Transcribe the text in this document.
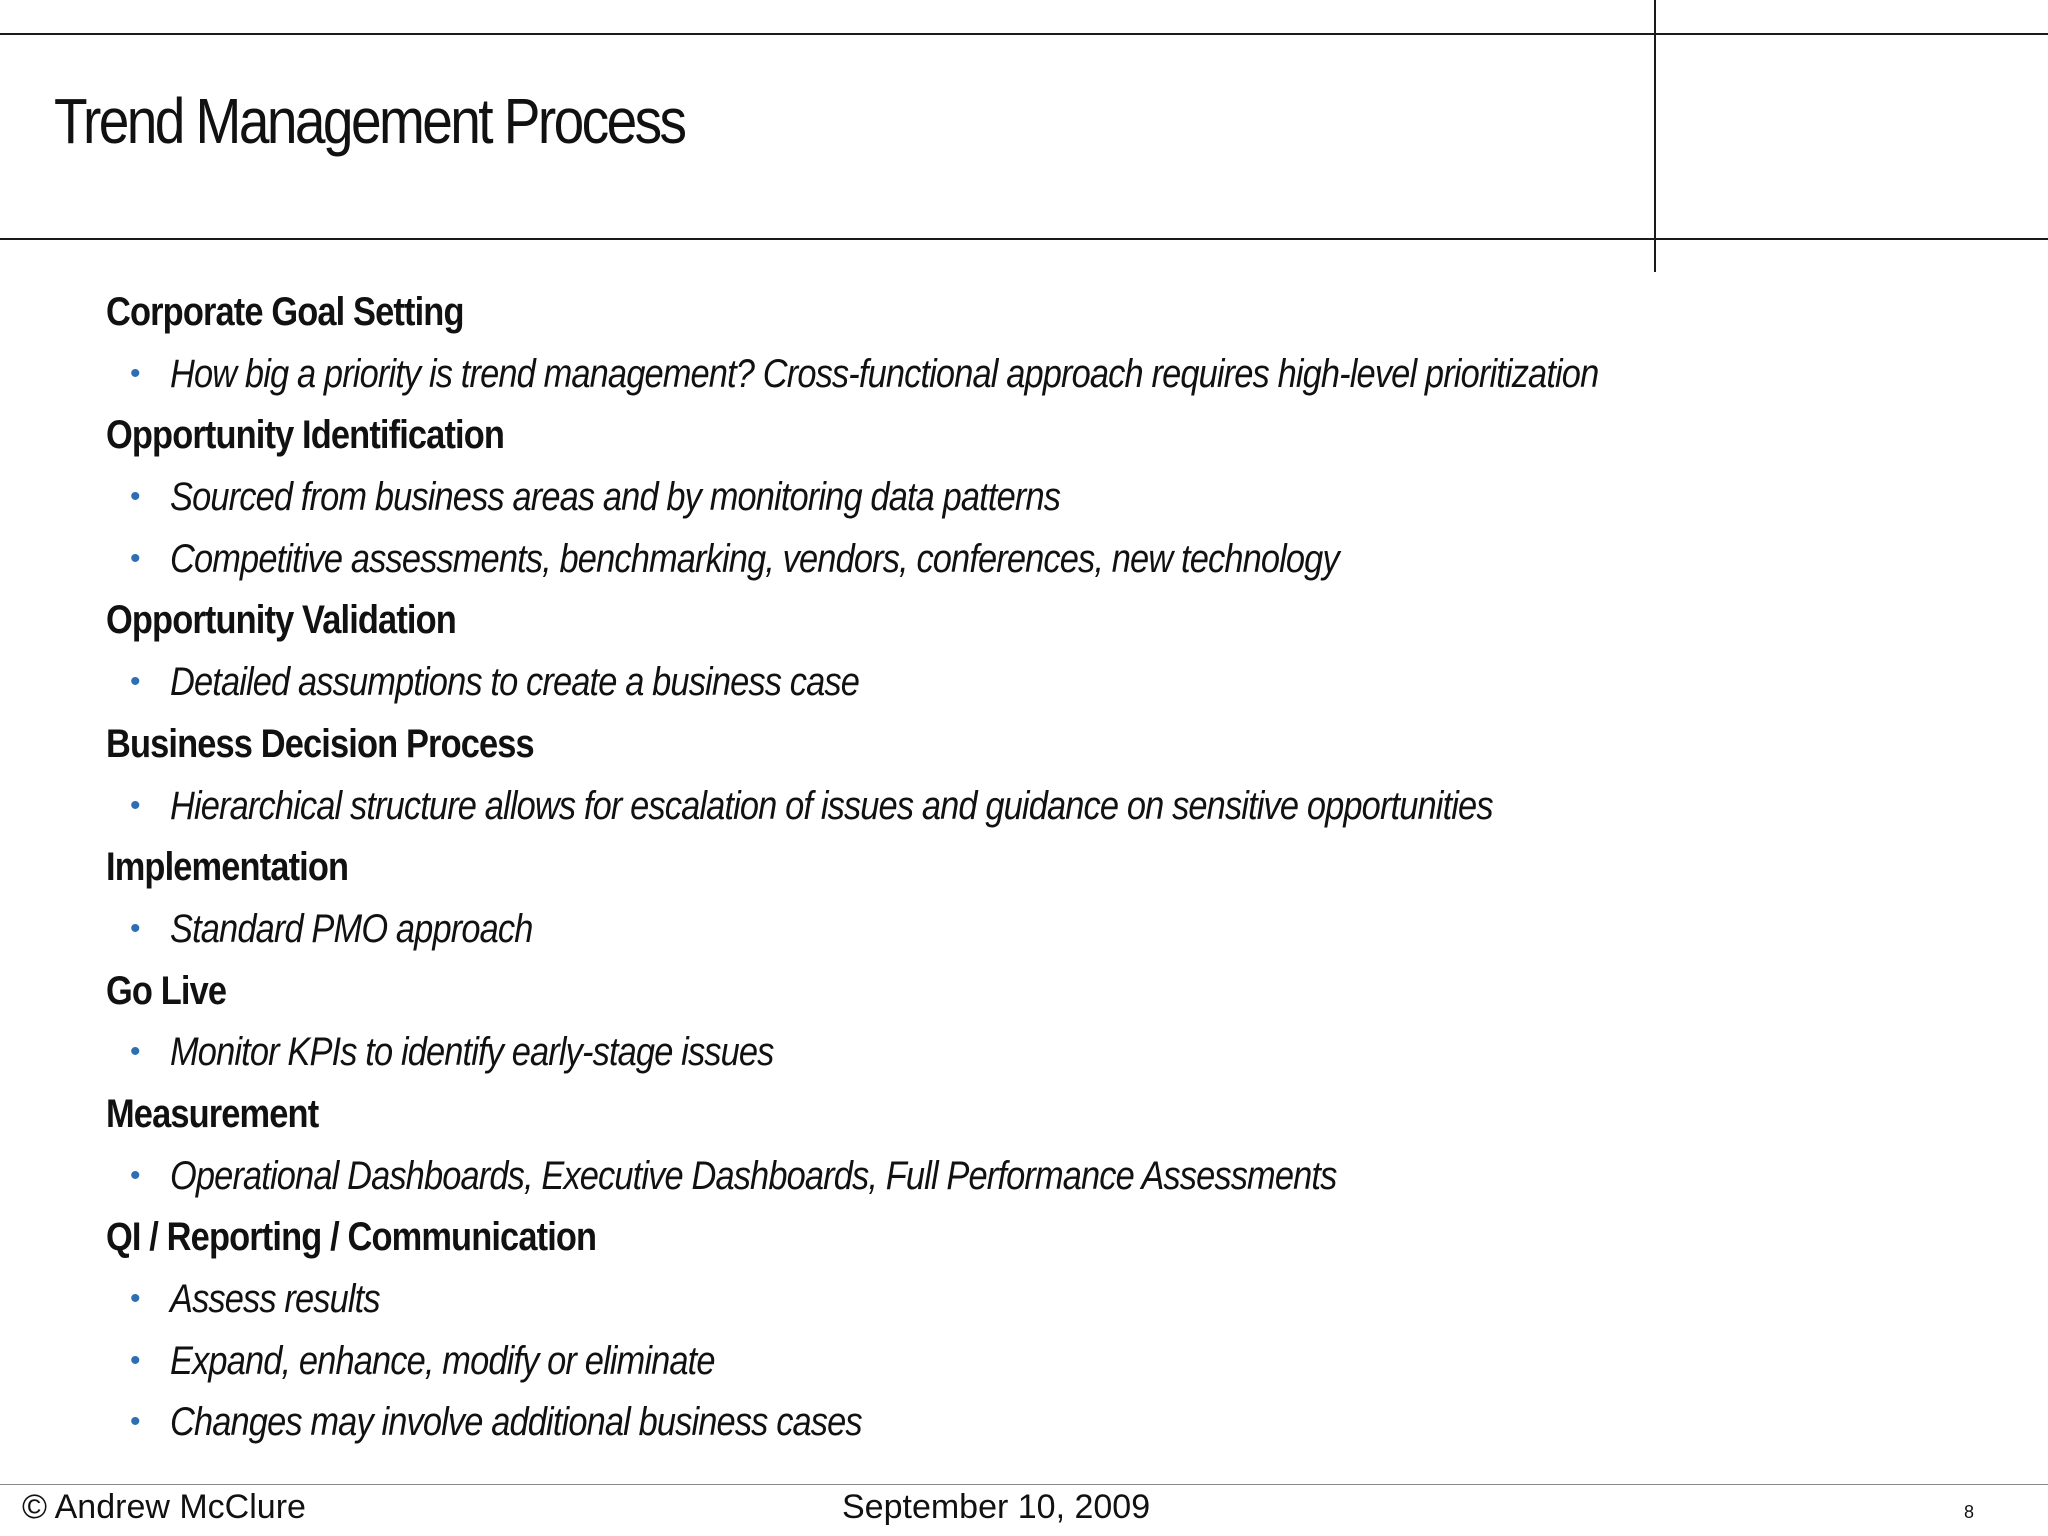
Trend Management Process
Corporate Goal Setting
• How big a priority is trend management? Cross-functional approach requires high-level prioritization
Opportunity Identification
• Sourced from business areas and by monitoring data patterns
• Competitive assessments, benchmarking, vendors, conferences, new technology
Opportunity Validation
• Detailed assumptions to create a business case
Business Decision Process
• Hierarchical structure allows for escalation of issues and guidance on sensitive opportunities
Implementation
• Standard PMO approach
Go Live
• Monitor KPIs to identify early-stage issues
Measurement
• Operational Dashboards, Executive Dashboards, Full Performance Assessments
QI / Reporting / Communication
• Assess results
• Expand, enhance, modify or eliminate
• Changes may involve additional business cases
© Andrew McClure	September 10, 2009	8
